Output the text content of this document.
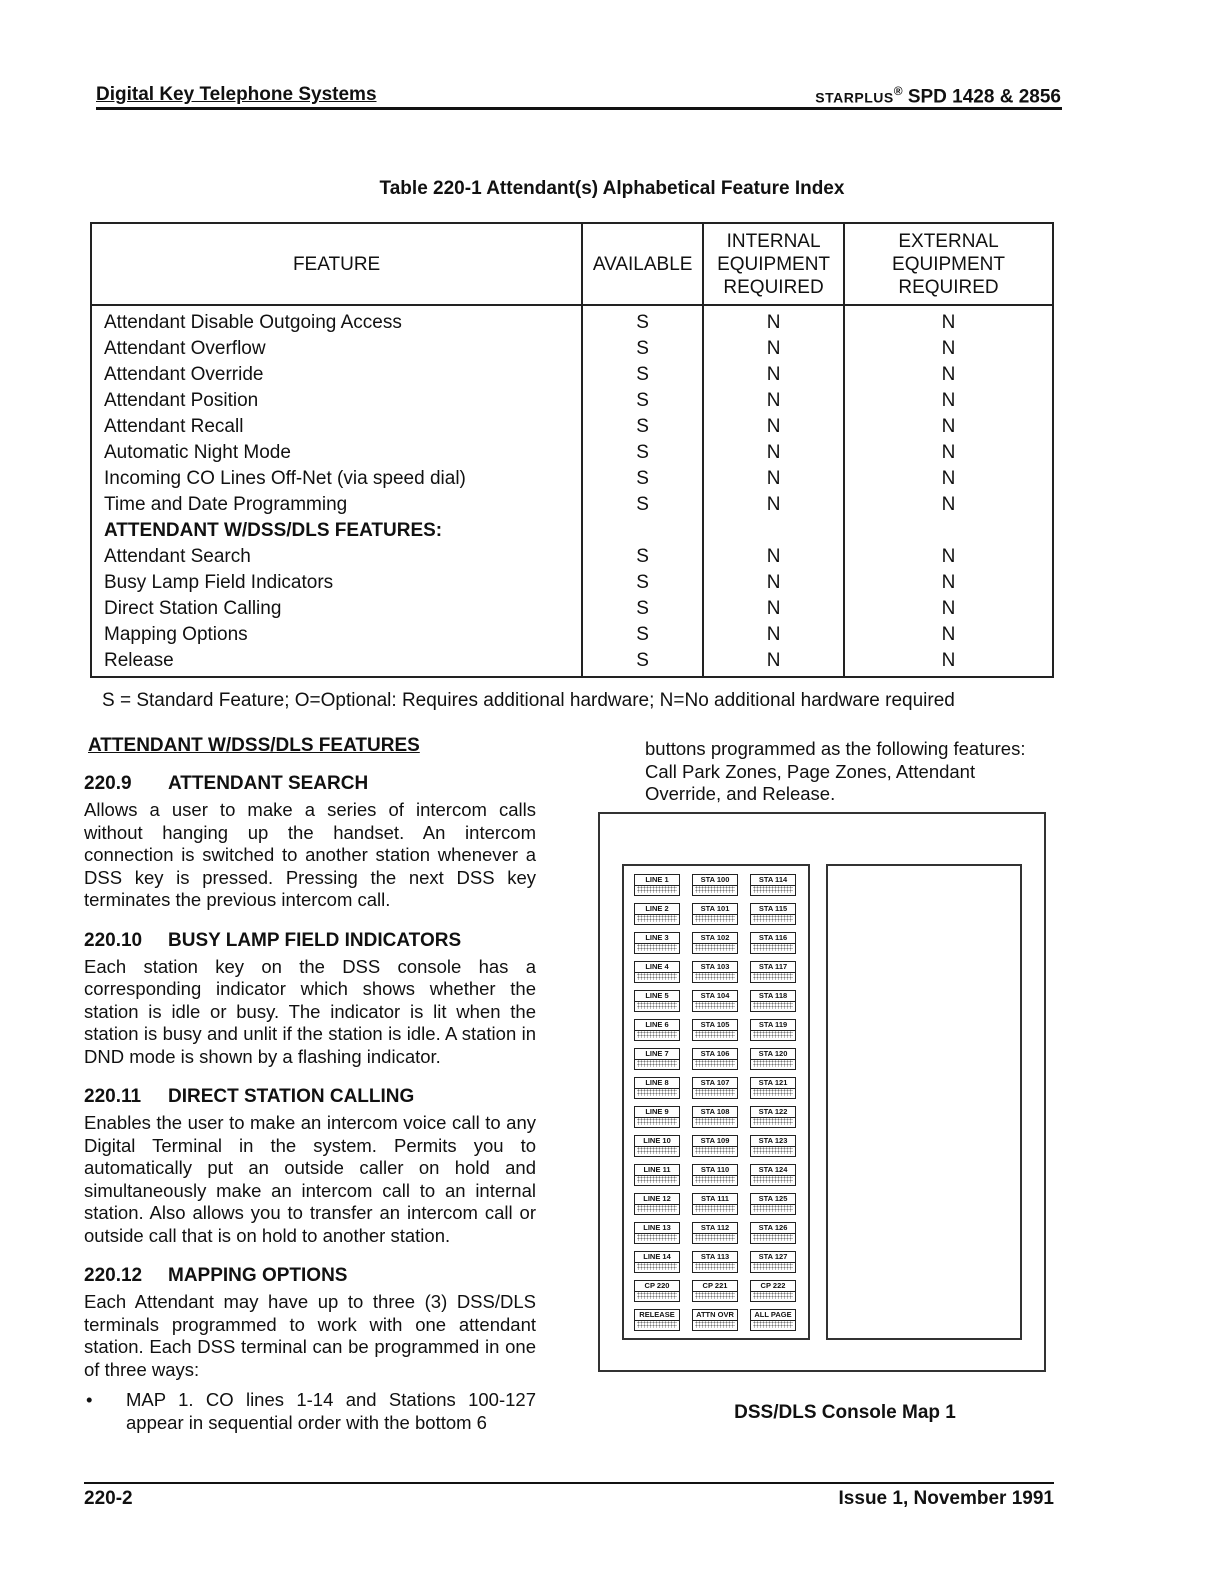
Digital Key Telephone Systems	STARPLUS® SPD 1428 & 2856
Table 220-1 Attendant(s) Alphabetical Feature Index
FEATURE	AVAILABLE	INTERNAL EQUIPMENT REQUIRED	EXTERNAL EQUIPMENT REQUIRED
Attendant Disable Outgoing Access	S	N	N
Attendant Overflow	S	N	N
Attendant Override	S	N	N
Attendant Position	S	N	N
Attendant Recall	S	N	N
Automatic Night Mode	S	N	N
Incoming CO Lines Off-Net (via speed dial)	S	N	N
Time and Date Programming	S	N	N
ATTENDANT W/DSS/DLS FEATURES:			
Attendant Search	S	N	N
Busy Lamp Field Indicators	S	N	N
Direct Station Calling	S	N	N
Mapping Options	S	N	N
Release	S	N	N
S = Standard Feature; O=Optional: Requires additional hardware; N=No additional hardware required
ATTENDANT W/DSS/DLS FEATURES
220.9 ATTENDANT SEARCH

Allows a user to make a series of intercom calls without hanging up the handset. An intercom connection is switched to another station whenever a DSS key is pressed. Pressing the next DSS key terminates the previous intercom call.

220.10 BUSY LAMP FIELD INDICATORS

Each station key on the DSS console has a corresponding indicator which shows whether the station is idle or busy. The indicator is lit when the station is busy and unlit if the station is idle. A station in DND mode is shown by a flashing indicator.

220.11 DIRECT STATION CALLING

Enables the user to make an intercom voice call to any Digital Terminal in the system. Permits you to automatically put an outside caller on hold and simultaneously make an intercom call to an internal station. Also allows you to transfer an intercom call or outside call that is on hold to another station.

220.12 MAPPING OPTIONS

Each Attendant may have up to three (3) DSS/DLS terminals programmed to work with one attendant station. Each DSS terminal can be programmed in one of three ways:

•	MAP 1. CO lines 1-14 and Stations 100-127 appear in sequential order with the bottom 6

buttons programmed as the following features: Call Park Zones, Page Zones, Attendant Override, and Release.

LINE 1	STA 100	STA 114
LINE 2	STA 101	STA 115
LINE 3	STA 102	STA 116
LINE 4	STA 103	STA 117
LINE 5	STA 104	STA 118
LINE 6	STA 105	STA 119
LINE 7	STA 106	STA 120
LINE 8	STA 107	STA 121
LINE 9	STA 108	STA 122
LINE 10	STA 109	STA 123
LINE 11	STA 110	STA 124
LINE 12	STA 111	STA 125
LINE 13	STA 112	STA 126
LINE 14	STA 113	STA 127
CP 220	CP 221	CP 222
RELEASE	ATTN OVR	ALL PAGE
DSS/DLS Console Map 1
220-2	Issue 1, November 1991
